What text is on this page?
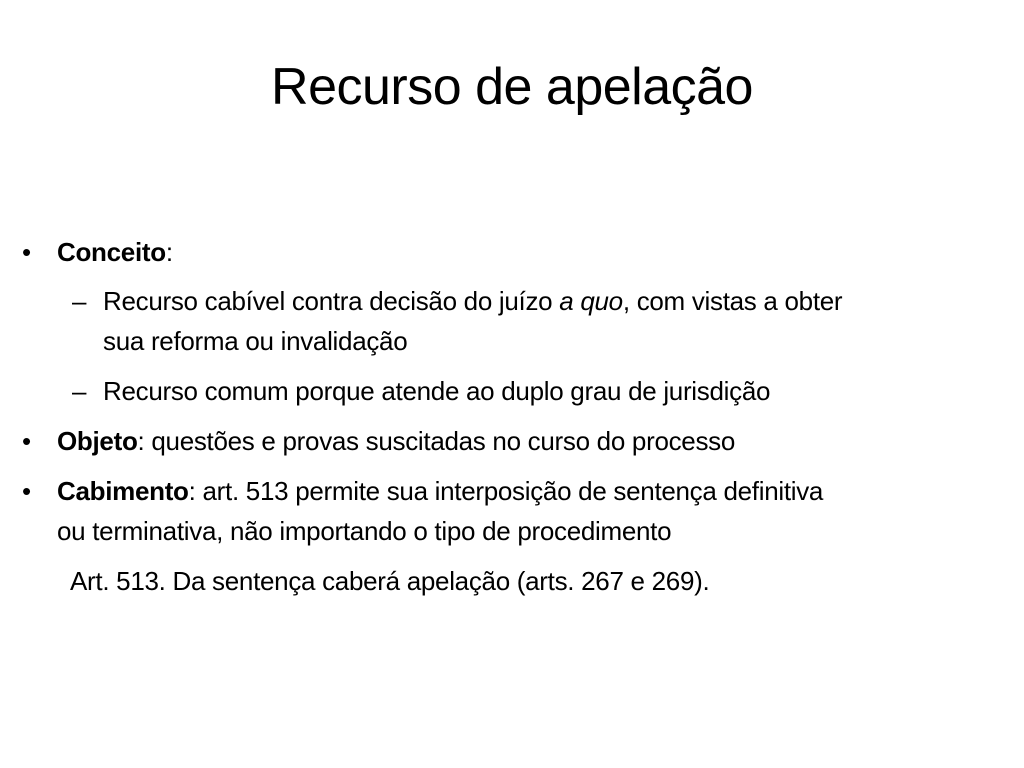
Recurso de apelação
• Conceito:
– Recurso cabível contra decisão do juízo a quo, com vistas a obter
sua reforma ou invalidação
– Recurso comum porque atende ao duplo grau de jurisdição
• Objeto: questões e provas suscitadas no curso do processo
• Cabimento: art. 513 permite sua interposição de sentença definitiva
ou terminativa, não importando o tipo de procedimento
Art. 513. Da sentença caberá apelação (arts. 267 e 269).
